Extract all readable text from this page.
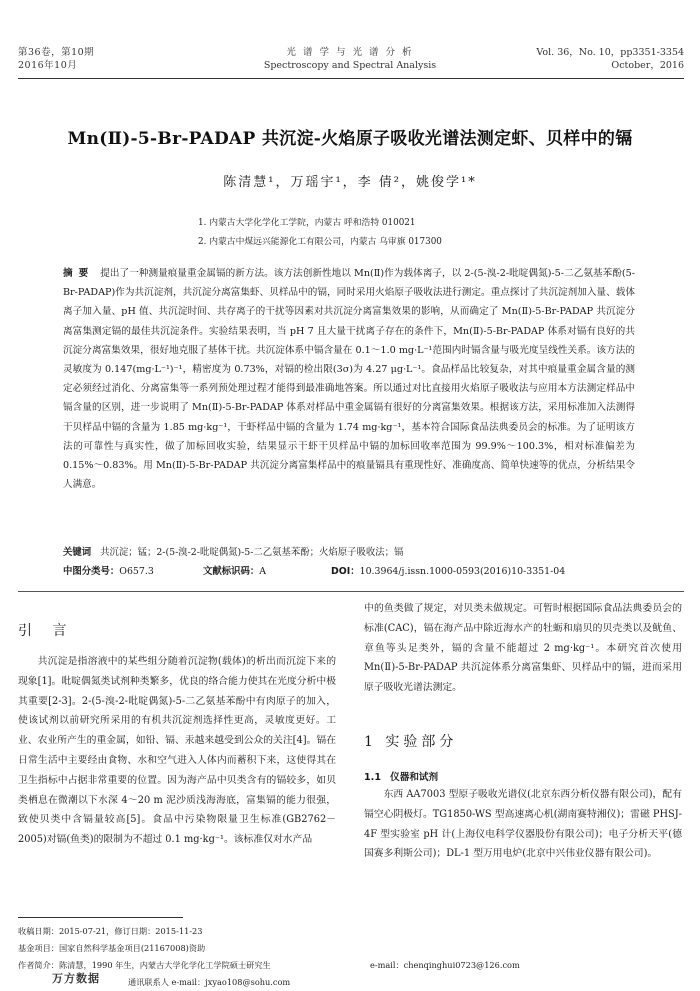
第36卷，第10期
2016年10月
光 谱 学 与 光 谱 分 析
Spectroscopy and Spectral Analysis
Vol. 36，No. 10，pp3351-3354
October，2016
Mn(Ⅱ)-5-Br-PADAP 共沉淀-火焰原子吸收光谱法测定虾、贝样中的镉
陈清慧¹，万瑶宇¹，李 倩²，姚俊学¹*
1. 内蒙古大学化学化工学院，内蒙古 呼和浩特 010021
2. 内蒙古中煤远兴能源化工有限公司，内蒙古 乌审旗 017300
摘要 提出了一种测量痕量重金属镉的新方法。该方法创新性地以 Mn(Ⅱ)作为载体离子，以 2-(5-溴-2-吡啶偶氮)-5-二乙氨基苯酚(5-Br-PADAP)作为共沉淀剂，共沉淀分离富集虾、贝样品中的镉，同时采用火焰原子吸收法进行测定。重点探讨了共沉淀剂加入量、载体离子加入量、pH 值、共沉淀时间、共存离子的干扰等因素对共沉淀分离富集效果的影响，从而确定了 Mn(Ⅱ)-5-Br-PADAP 共沉淀分离富集测定镉的最佳共沉淀条件。实验结果表明，当 pH 7 且大量干扰离子存在的条件下，Mn(Ⅱ)-5-Br-PADAP 体系对镉有良好的共沉淀分离富集效果，很好地克服了基体干扰。共沉淀体系中镉含量在 0.1～1.0 mg·L⁻¹范围内时镉含量与吸光度呈线性关系。该方法的灵敏度为 0.147(mg·L⁻¹)⁻¹，精密度为 0.73%，对镉的检出限(3σ)为 4.27 μg·L⁻¹。食品样品比较复杂，对其中痕量重金属含量的测定必须经过消化、分离富集等一系列预处理过程才能得到最准确地答案。所以通过对比直接用火焰原子吸收法与应用本方法测定样品中镉含量的区别，进一步说明了 Mn(Ⅱ)-5-Br-PADAP 体系对样品中重金属镉有很好的分离富集效果。根据该方法，采用标准加入法测得干贝样品中镉的含量为 1.85 mg·kg⁻¹，干虾样品中镉的含量为 1.74 mg·kg⁻¹，基本符合国际食品法典委员会的标准。为了证明该方法的可靠性与真实性，做了加标回收实验，结果显示干虾干贝样品中镉的加标回收率范围为 99.9%～100.3%，相对标准偏差为 0.15%～0.83%。用 Mn(Ⅱ)-5-Br-PADAP 共沉淀分离富集样品中的痕量镉具有重现性好、准确度高、简单快速等的优点，分析结果令人满意。
关键词 共沉淀；锰；2-(5-溴-2-吡啶偶氮)-5-二乙氨基苯酚；火焰原子吸收法；镉
中图分类号：O657.3	文献标识码：A	DOI：10.3964/j.issn.1000-0593(2016)10-3351-04
引 言

共沉淀是指溶液中的某些组分随着沉淀物(载体)的析出而沉淀下来的现象[1]。吡啶偶氮类试剂种类繁多，优良的络合能力使其在光度分析中极其重要[2-3]。2-(5-溴-2-吡啶偶氮)-5-二乙氨基苯酚中有肉原子的加入，使该试剂以前研究所采用的有机共沉淀剂选择性更高，灵敏度更好。工业、农业所产生的重金属，如铅、镉、汞越来越受到公众的关注[4]。镉在日常生活中主要经由食物、水和空气进入人体内而蓄积下来，这使得其在卫生指标中占据非常重要的位置。因为海产品中贝类含有的镉较多，如贝类栖息在微潮以下水深 4～20 m 泥沙质浅海海底，富集镉的能力很强，致使贝类中含镉量较高[5]。食品中污染物限量卫生标准(GB2762－2005)对镉(鱼类)的限制为不超过 0.1 mg·kg⁻¹。该标准仅对水产品

中的鱼类做了规定，对贝类未做规定。可暂时根据国际食品法典委员会的标准(CAC)，镉在海产品中除近海水产的牡蛎和扇贝的贝壳类以及鱿鱼、章鱼等头足类外，镉的含量不能超过 2 mg·kg⁻¹。本研究首次使用 Mn(Ⅱ)-5-Br-PADAP 共沉淀体系分离富集虾、贝样品中的镉，进而采用原子吸收光谱法测定。

1 实验部分
1.1 仪器和试剂

东西 AA7003 型原子吸收光谱仪(北京东西分析仪器有限公司)，配有镉空心阴极灯。TG1850-WS 型高速离心机(湖南赛特湘仪)；雷磁 PHSJ-4F 型实验室 pH 计(上海仪电科学仪器股份有限公司)；电子分析天平(德国赛多利斯公司)；DL-1 型万用电炉(北京中兴伟业仪器有限公司)。

收稿日期：2015-07-21，修订日期：2015-11-23
基金项目：国家自然科学基金项目(21167008)资助
作者简介：陈清慧，1990 年生，内蒙古大学化学化工学院硕士研究生	e-mail：chenqinghui0723@126.com
通讯联系人 e-mail：jxyao108@sohu.com
万方数据
